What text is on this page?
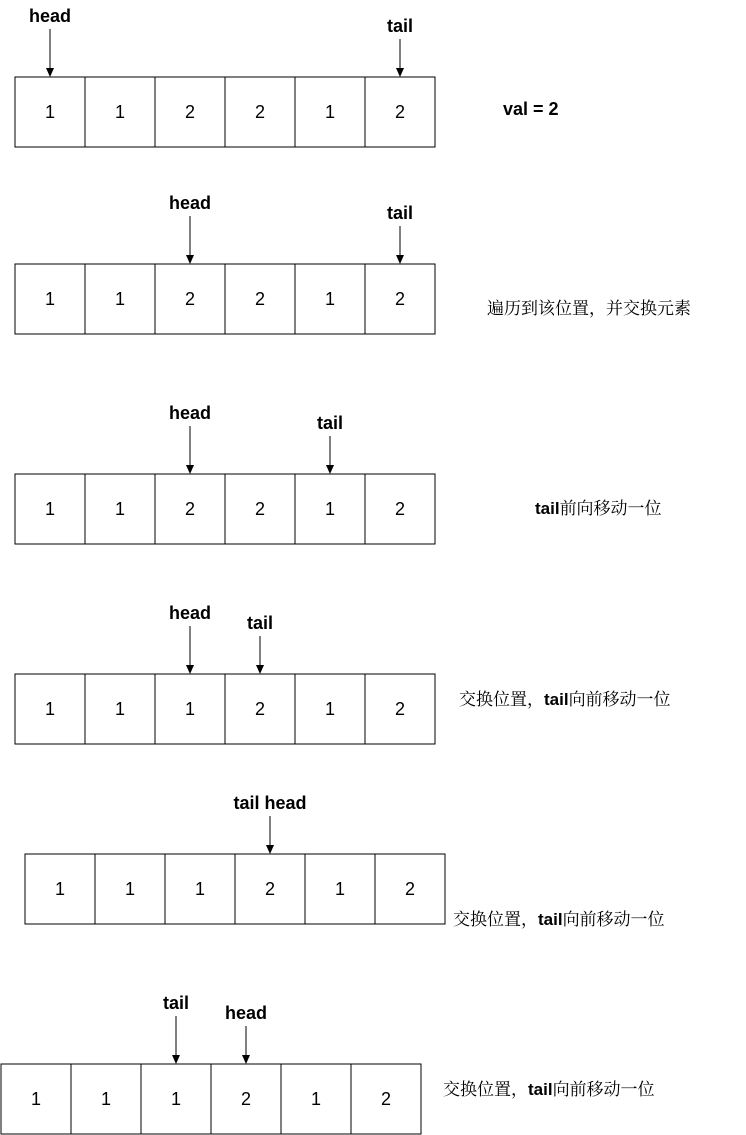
val = 2
1	1	2	2	1	2
head	tail
1	1	2	2	1	2
head	tail
遍历到该位置，并交换元素
1	1	2	2	1	2
head	tail
tail前向移动一位
1	1	1	2	1	2
head tail
交换位置，tail向前移动一位
1	1	1	2	1	2
tail head
交换位置，tail向前移动一位
1	1	1	2	1	2
tail head
交换位置，tail向前移动一位
